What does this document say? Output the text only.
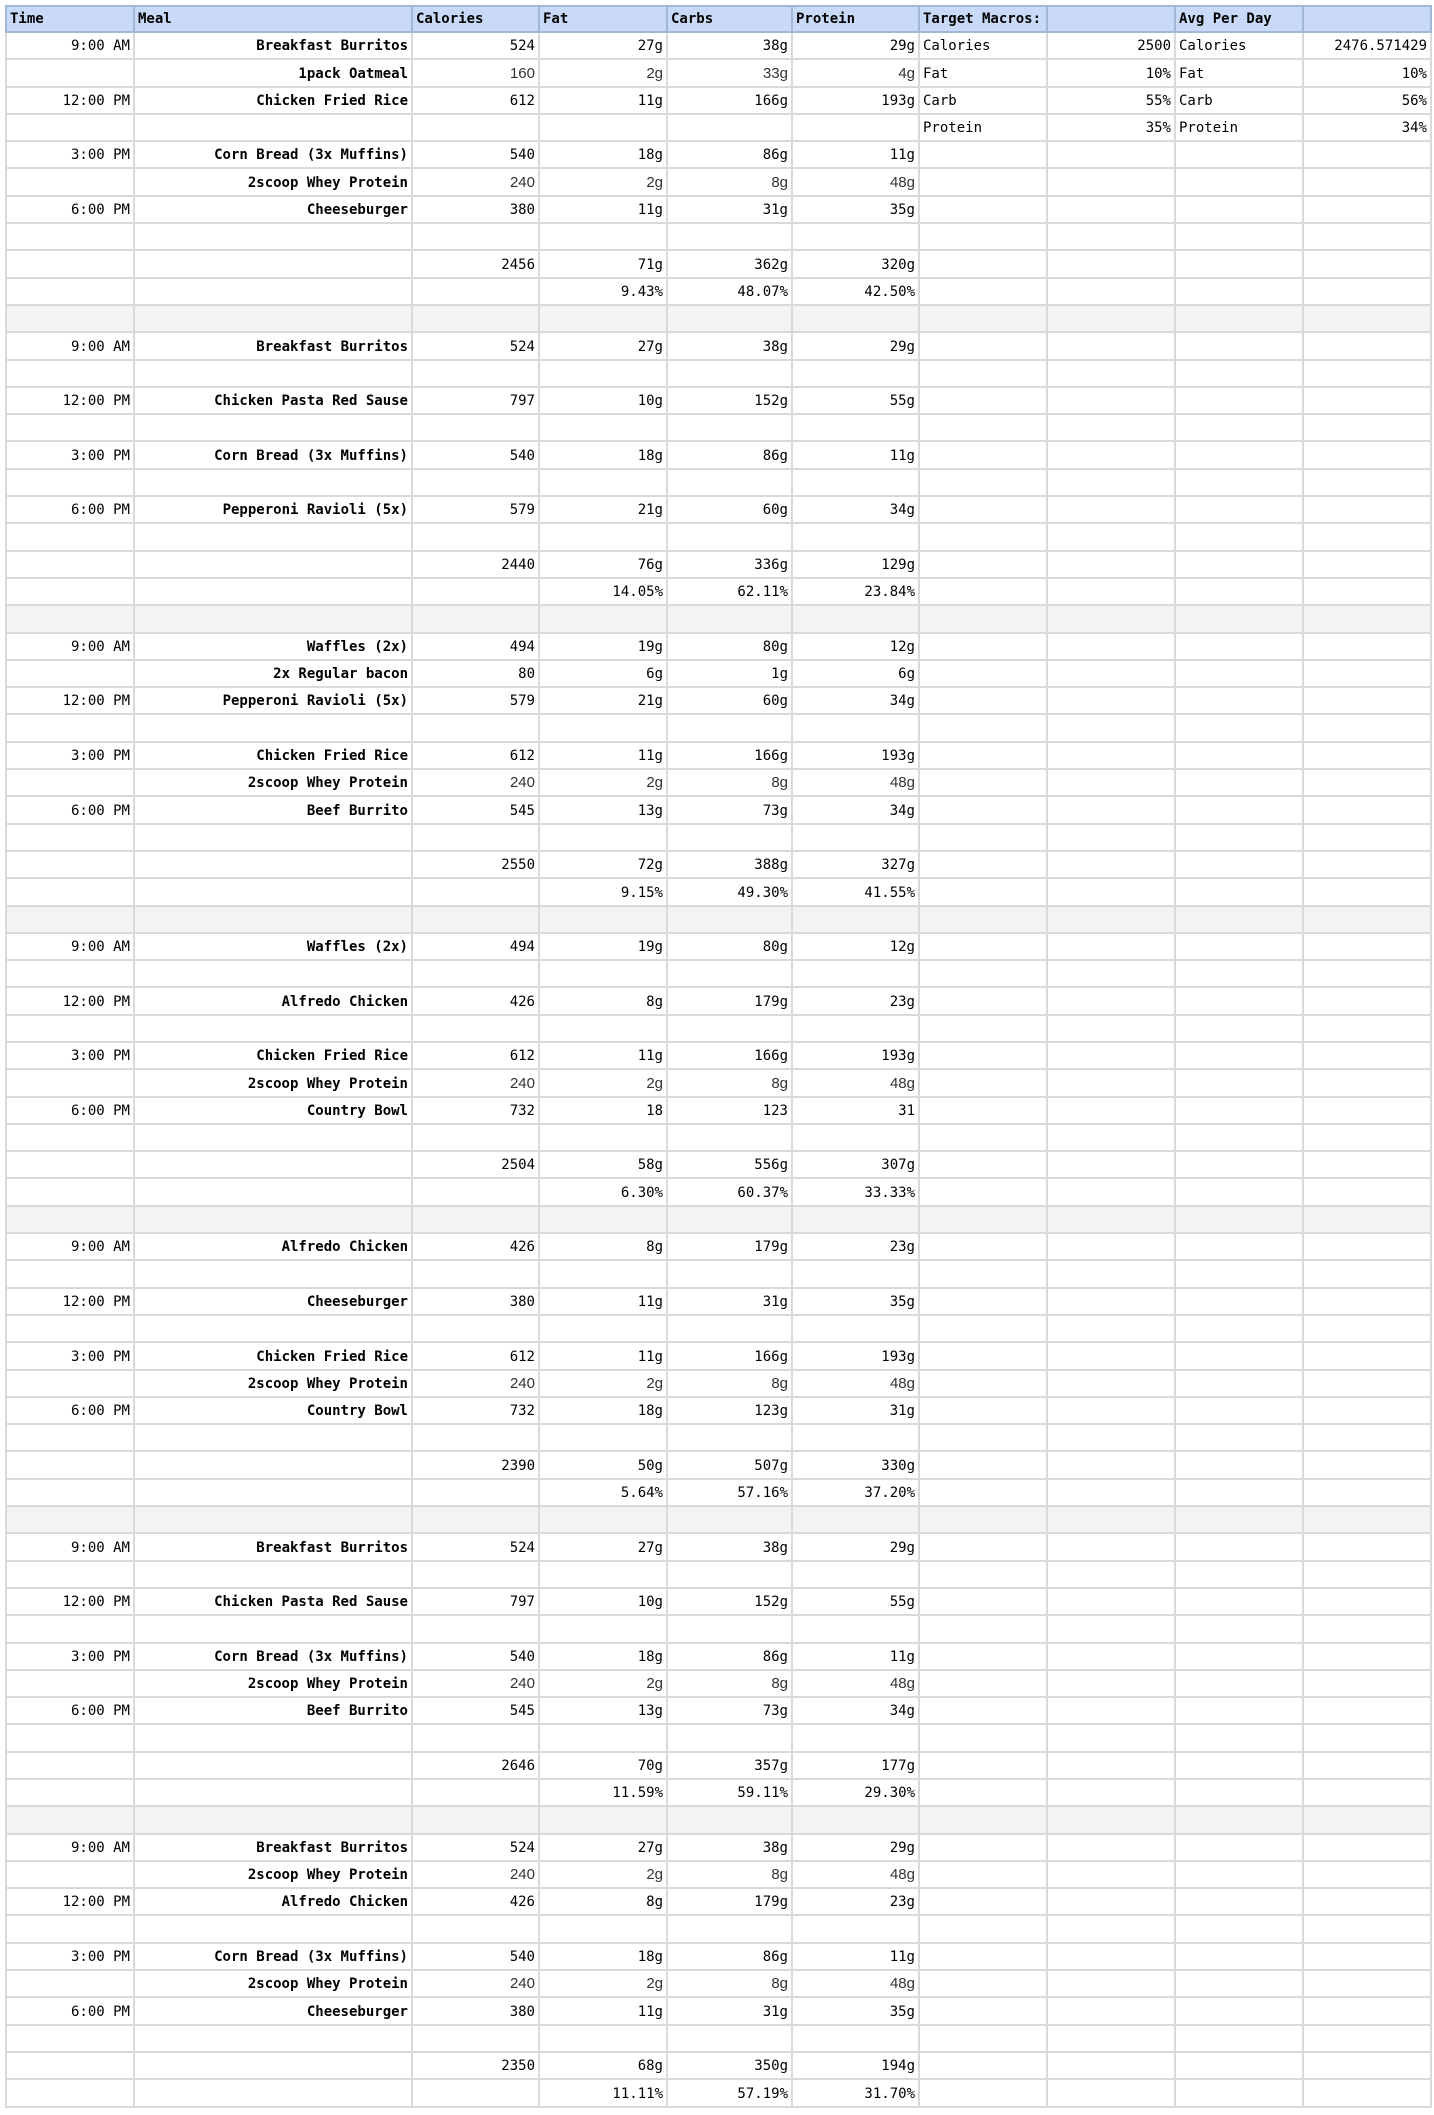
Time	Meal	Calories	Fat	Carbs	Protein	Target Macros:		Avg Per Day	
9:00 AM	Breakfast Burritos	524	27g	38g	29g	Calories	2500	Calories	2476.571429
	1pack Oatmeal	160	2g	33g	4g	Fat	10%	Fat	10%
12:00 PM	Chicken Fried Rice	612	11g	166g	193g	Carb	55%	Carb	56%
						Protein	35%	Protein	34%
3:00 PM	Corn Bread (3x Muffins)	540	18g	86g	11g				
	2scoop Whey Protein	240	2g	8g	48g				
6:00 PM	Cheeseburger	380	11g	31g	35g				

		2456	71g	362g	320g				
			9.43%	48.07%	42.50%				

9:00 AM	Breakfast Burritos	524	27g	38g	29g				

12:00 PM	Chicken Pasta Red Sause	797	10g	152g	55g				

3:00 PM	Corn Bread (3x Muffins)	540	18g	86g	11g				

6:00 PM	Pepperoni Ravioli (5x)	579	21g	60g	34g				

		2440	76g	336g	129g				
			14.05%	62.11%	23.84%				

9:00 AM	Waffles (2x)	494	19g	80g	12g				
	2x Regular bacon	80	6g	1g	6g				
12:00 PM	Pepperoni Ravioli (5x)	579	21g	60g	34g				

3:00 PM	Chicken Fried Rice	612	11g	166g	193g				
	2scoop Whey Protein	240	2g	8g	48g				
6:00 PM	Beef Burrito	545	13g	73g	34g				

		2550	72g	388g	327g				
			9.15%	49.30%	41.55%				

9:00 AM	Waffles (2x)	494	19g	80g	12g				

12:00 PM	Alfredo Chicken	426	8g	179g	23g				

3:00 PM	Chicken Fried Rice	612	11g	166g	193g				
	2scoop Whey Protein	240	2g	8g	48g				
6:00 PM	Country Bowl	732	18	123	31				

		2504	58g	556g	307g				
			6.30%	60.37%	33.33%				

9:00 AM	Alfredo Chicken	426	8g	179g	23g				

12:00 PM	Cheeseburger	380	11g	31g	35g				

3:00 PM	Chicken Fried Rice	612	11g	166g	193g				
	2scoop Whey Protein	240	2g	8g	48g				
6:00 PM	Country Bowl	732	18g	123g	31g				

		2390	50g	507g	330g				
			5.64%	57.16%	37.20%				

9:00 AM	Breakfast Burritos	524	27g	38g	29g				

12:00 PM	Chicken Pasta Red Sause	797	10g	152g	55g				

3:00 PM	Corn Bread (3x Muffins)	540	18g	86g	11g				
	2scoop Whey Protein	240	2g	8g	48g				
6:00 PM	Beef Burrito	545	13g	73g	34g				

		2646	70g	357g	177g				
			11.59%	59.11%	29.30%				

9:00 AM	Breakfast Burritos	524	27g	38g	29g				
	2scoop Whey Protein	240	2g	8g	48g				
12:00 PM	Alfredo Chicken	426	8g	179g	23g				

3:00 PM	Corn Bread (3x Muffins)	540	18g	86g	11g				
	2scoop Whey Protein	240	2g	8g	48g				
6:00 PM	Cheeseburger	380	11g	31g	35g				

		2350	68g	350g	194g				
			11.11%	57.19%	31.70%				
